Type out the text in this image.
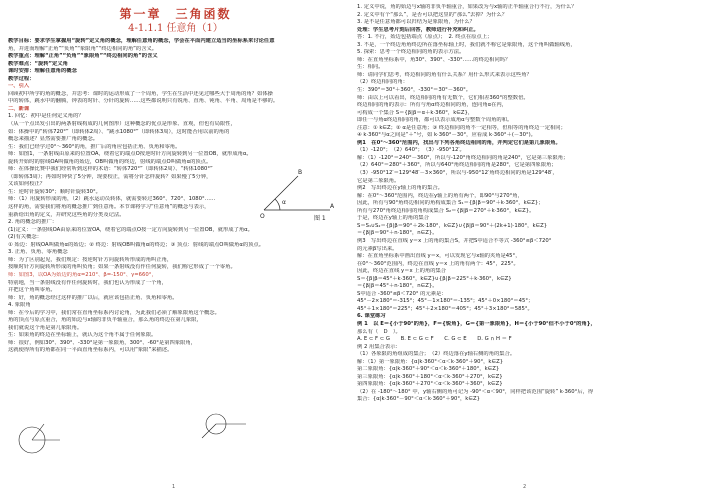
第一章　三角函数
4-1.1.1 任意角（1）
教学目标：要求学生掌握用“旋转”定义角的概念，理解任意角的概念，学会在平面内建立适当的坐标系来讨论任意
角，并进而理解“正角”“负角”“象限角”“终边相同的角”的含义。
教学重点：理解“正角”“负角”“象限角”“终边相同的角”的含义
教学难点：“旋转”定义角
课时安排：理解任意角的概念
教学过程：
一、引入
回顾初中所学的角的概念，并思考：课时的运动形成了一个周角，学生在生活中还见过哪些大于周角的角？如体操
中的转体，跳水中的翻腾，钟表的时针、分针的旋转……这些都说明只有锐角、直角、钝角、平角、周角是不够的。
二、新课
1. 回忆：初中是任何定义角的？
（从一个点出发引出的两条射线构成的几何图形）这种概念的优点是形象、直观，但也有局限性，
如：体操中的“转体720°”（即转体2周）、“跳水1080°”（即转体3周），这时能否用以前的角的
概念来描述？显然需要推广角的概念。
生：我们已经学过0°～360°的角，推广后的角应包括正角、负角和零角。
师：如图1，一条射线由原来的位置OA，绕着它的端点O按逆时针方向旋转到另一位置OB，就形成角α。
旋转开始时的射线OA叫做角的始边，OB叫做角的终边，射线的端点O叫做角α的顶点。
师：在体操比赛中我们经常听到这样的术语：“转体720°”（即转体2周）、“转体1080°”
（即转体3周）；再如时钟快了5分钟，现要校正，需将分针怎样旋转？如果慢了5分钟，
又该如何校正？
生：逆时针旋转30°；顺时针旋转30°。
师：（1）用旋转形成的角，（2）跳水运动员转体，就需要转过360°、720°、1080°……
这样的角，需要我们将角的概念推广到任意角。本节课将学习“任意角”的概念与表示，
重新给出角的定义，并研究这些角的分类及记法。
2. 角的概念的推广：
(1)定义：一条射线OA由原来的位置OA，绕着它的端点O按一定方向旋转到另一位置OB，就形成了角α。
(2)有关概念：
① 始边：射线OA叫做角α的始边；② 终边：射线OB叫做角α的终边；③ 顶点：射线的端点O叫做角α的顶点。
3. 正角、负角、零角概念
师：为了区别起见，我们规定：按逆时针方向旋转所形成的角叫正角，
按顺时针方向旋转所形成的角叫负角；如果一条射线没有作任何旋转，我们称它形成了一个零角。
师：如图3，以OA为始边的角α=210°、β=-150°、γ=660°，
特别地，当一条射线没有作任何旋转时，我们也认为形成了一个角，
并把这个角叫零角。
师：好，角的概念经过这样的推广以后，就应该包括正角、负角和零角。
4. 象限角
师：在今后的学习中，我们常在直角坐标系内讨论角，为此我们必须了解象限角这个概念。
角的顶点与原点重合，角的始边与x轴的非负半轴重合，那么角的终边在第几象限，
我们就说这个角是第几象限角。
生：如果角的终边在坐标轴上，就认为这个角不属于任何象限。
师：很好，例如30°、390°、-330°是第一象限角，300°、-60°是第四象限角，
这就使得所有的角都在同一平面直角坐标系内，可以用“象限”来描述。
B
α
A
O	图 1
1
1. 定义中说，角的始边与x轴的非负半轴重合，如果改为与x轴的正半轴重合行不行，为什么？
2. 定义中有个“那么”，是否可以把这里的“那么”去掉？为什么？
3. 是不是任意角都可以归结为是象限角，为什么？
处理：学生思考片刻后回答，教师进行补充和纠正。
答：1. 不行，始边包括端点（原点）；　2. 终点在原点上；
3. 不是，一个终边角角终边所在落坐标轴上时，我们就不称它是象限角，这个角叫做轴线角，
5. 探索：思考一个终边相同的角的表示方法。
师：在直角坐标系中，角30°、390°、-330°……的终边相同吗？
生：相同。
师：请同学们思考，终边相同的角有什么关系？用什么形式来表示这些角？
（2）终边相同的角：
生：390°＝30°＋360°，-330°＝30°－360°。
师：由以上可以看出，终边相同的角有无数个，它们相差360°的整数倍。
终边相同的角的表示：所有与角α终边相同的角，连同角α在内，
可构成一个集合 S＝{β|β＝α＋k·360°，k∈Z}，
即任一与角α终边相同的角，都可以表示成角α与整数个周角的和。
注意：① k∈Z；② α是任意角；③ 终边相同的角不一定相等，但相等的角终边一定相同；
④ k·360°与α之间是“＋”号，如 k·360°－30°，应看成 k·360°＋(－30°)。
例1　在0°～360°范围内，找出与下列各角终边相同的角，并判定它们是第几象限角。
（1）-120°；　（2）640°；　（3）-950°12′。
解：（1）-120°＝240°－360°，所以与-120°角终边相同的角是240°，它是第三象限角；
（2）640°＝280°＋360°，所以与640°角终边相同的角是280°，它是第四象限角；
（3）-950°12′＝129°48′－3×360°，所以与-950°12′角终边相同的角是129°48′，
它是第二象限角。
例2　写出终边在y轴上的角的集合。
解：在0°～360°范围内，终边在y轴上的角有两个，即90°与270°角，
因此，所有与90°角终边相同的角构成集合 S₁＝{β|β＝90°＋k·360°，k∈Z}；
所有与270°角终边相同的角构成集合 S₂＝{β|β＝270°＋k·360°，k∈Z}。
于是，终边在y轴上的角的集合
S＝S₁∪S₂＝{β|β＝90°＋2k·180°，k∈Z}∪{β|β＝90°＋(2k+1)·180°，k∈Z}
＝{β|β＝90°＋n·180°，n∈Z}。
例3　写出终边在直线 y＝x 上的角的集合S，并把S中适合不等式 -360°≤β＜720°
的元素β写出来。
解：在直角坐标系中画出直线 y＝x，可以发现它与x轴的夹角是45°，
在0°～360°范围内，终边在直线 y＝x 上的角有两个：45°，225°。
因此，终边在直线 y＝x 上的角的集合
S＝{β|β＝45°＋k·360°，k∈Z}∪{β|β＝225°＋k·360°，k∈Z}
＝{β|β＝45°＋n·180°，n∈Z}。
S中适合 -360°≤β＜720° 的元素是：
45°－2×180°＝-315°；45°－1×180°＝-135°；45°＋0×180°＝45°；
45°＋1×180°＝225°；45°＋2×180°＝405°；45°＋3×180°＝585°。
6. 课堂练习
例 1　以 E＝{小于90°的角}，F＝{锐角}，G＝{第一象限角}，H＝{小于90°但不小于0°的角}，
那么有（　D　）。
A. E ⊂ F ⊂ G　　B. E ⊂ G ⊂ F　　C. G ⊂ E　　D. G ∩ H ＝ F
例 2 用集合表示：
（1）各象限的角组成的集合；　（2）终边落在y轴右侧的角的集合。
解：（1）第一象限角：{α|k·360°＜α＜k·360°＋90°，k∈Z}
第二象限角：{α|k·360°＋90°＜α＜k·360°＋180°，k∈Z}
第三象限角：{α|k·360°＋180°＜α＜k·360°＋270°，k∈Z}
第四象限角：{α|k·360°＋270°＜α＜k·360°＋360°，k∈Z}
（2）在 -180°～180° 中，y轴右侧的角可记为 -90°＜α＜90°，同样把该范围“旋转” k·360°后，得
集合：{α|k·360°－90°＜α＜k·360°＋90°，k∈Z}
2
